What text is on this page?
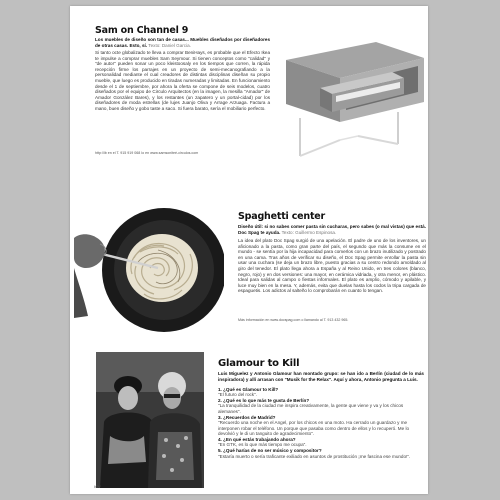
Sam on Channel 9
Los muebles de diseño son tan de casas... Muebles diseñados por diseñadores de otras casas. Esto, sí. Texto: Daniel Garcia.
Si tanto octe globalizado te lleva a comprar BeniHays, es probable que el Efecto Ikea te impulse a comprar muebles Sam Seymour. Si tienen conceptos como "calidad" y "de autor" pueden sonar un poco kleistoosaly en los tiempos que corren, la rápida recepción firme los parrajes en un proyecto de semi-mecanografiando a la personalidad mediante el cual creadores de distintas disciplinas diseñan su propio mueble, que luego es producido en tiradas numeradas y limitadas. En funcionamiento desde el 1 de septiembre, por ahora la oferta se compone de seis modelos, cuatro diseñados por el equipo de Circulo Arquitectos (en la imagen, la mesilla "Amador" de Amador González Bares), y los restantes (un zapatero y un portal-cidad) por los diseñadores de moda estrellas (de lujes Juanjo Oliva y Arrage Arzuaga. Factura a mano, buen diseño y gobo taste a saco. Si fuera barato, sería el mobiliario perfecto.
http://lb en el T. 915 919 068 lo en www.samsoniteé-circulos.com
Spaghetti center
Diseño útil: si no sabes comer pasta sin cucharas, pero sabes (o mal vistas) que está. Doc Spag te ayuda. Texto: Guillermo Espinosa.
La idea del plato Doc Spag surgió de una apelación. El padre de uno de los inventores, un aficionado a la pasta, como gran parte del país, el segundo que más la consume en el mundo - se sentía por la hija incapacidad para comerlos con un brazo inutilizado y postrado en una cama. Tras años de verificar su diseño, el Doc Spag permite enrollar la pasta sin usar una cuchara (se deja un brazo libre, puesto gracias a su centro redondo amoldado al giro del tenedor. El plato llega ahora a España y al Reino Unido, en tres colores (blanco, negro, rojo) y en dos versiones: una mayor, en cerámica vidriada, y otra menor, en plástico. Ideal para salidas al campo o fiestas informales. El plato es amplio, cómodo y apilable, y luce muy bien en la mesa. Y, además, evita que duelas hasta los codos la tripa cargada de espaguetis. Los adictos al salteño lo comprobarán en cuanto lo tengan.
Más información en www.docspag.com o llamando al T. 913 432 965.
Glamour to Kill
Luis Miguelez y Antonio Glamour han montado grupo: se han ido a Berlín (ciudad de lo más inspiradora) y allí arrasan con "Musik for the Relax". Aquí y ahora, Antonio pregunta a Luis.
1. ¿Qué es Glamour to Kill?
"El futuro del rock".
2. ¿Qué es lo que más te gusta de Berlín?
"La tranquilidad de la ciudad me inspira creativamente, la gente que viene y va y los chicos alemanes".
3. ¿Recuerdos de Madrid?
"Recuerdo una noche en el Angel, por los chicos en una moto. Ha cerrado un guardazo y me interponen robar el teléfono. Un porque que pasaba como dentro de ellos y lo recuperó. Me lo devolvió y le di un tanguito de agradecimiento".
4. ¿En qué estás trabajando ahora?
"En GTK, es lo que más tiempo me ocupa".
5. ¿Qué harías de no ser músico y compositor?
"Estaría muerto o sería traficante exiliado en asuntos de prostitución ¡me fascina ese mundo!".
ICV
